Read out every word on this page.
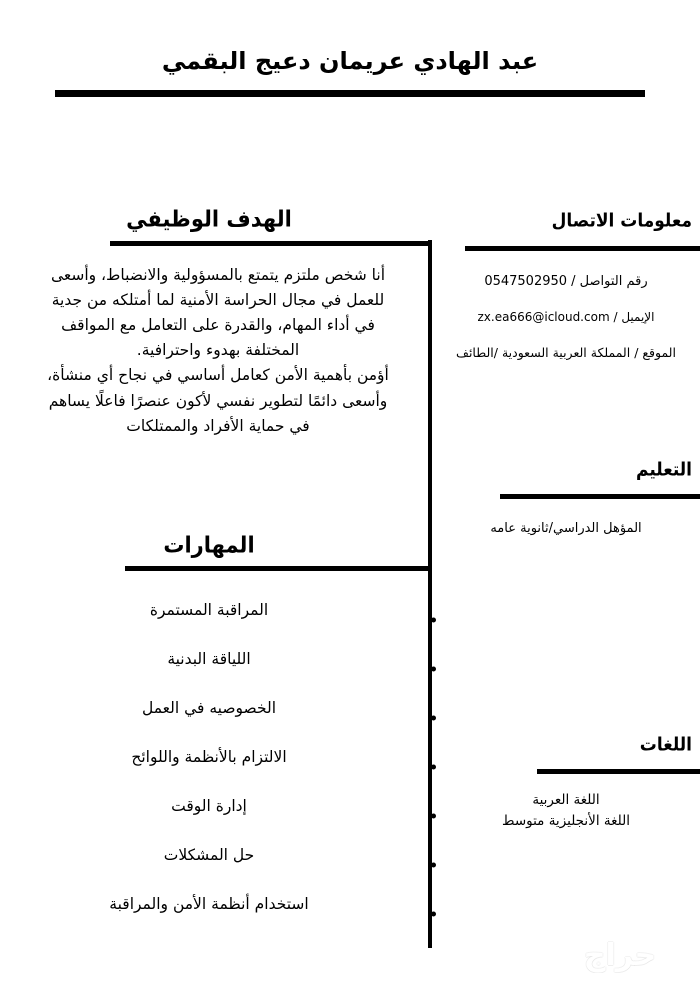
عبد الهادي عريمان دعيج البقمي
الهدف الوظيفي

أنا شخص ملتزم يتمتع بالمسؤولية والانضباط، وأسعى للعمل في مجال الحراسة الأمنية لما أمتلكه من جدية في أداء المهام، والقدرة على التعامل مع المواقف المختلفة بهدوء واحترافية.

أؤمن بأهمية الأمن كعامل أساسي في نجاح أي منشأة، وأسعى دائمًا لتطوير نفسي لأكون عنصرًا فاعلًا يساهم في حماية الأفراد والممتلكات

المهارات
المراقبة المستمرة
اللياقة البدنية
الخصوصيه في العمل
الالتزام بالأنظمة واللوائح
إدارة الوقت
حل المشكلات
استخدام أنظمة الأمن والمراقبة
معلومات الاتصال
رقم التواصل / 0547502950
الإيميل / zx.ea666@icloud.com
الموقع / المملكة العربية السعودية /الطائف
التعليم
المؤهل الدراسي/ثانوية عامه
اللغات
اللغة العربية
اللغة الأنجليزية متوسط
حراج
